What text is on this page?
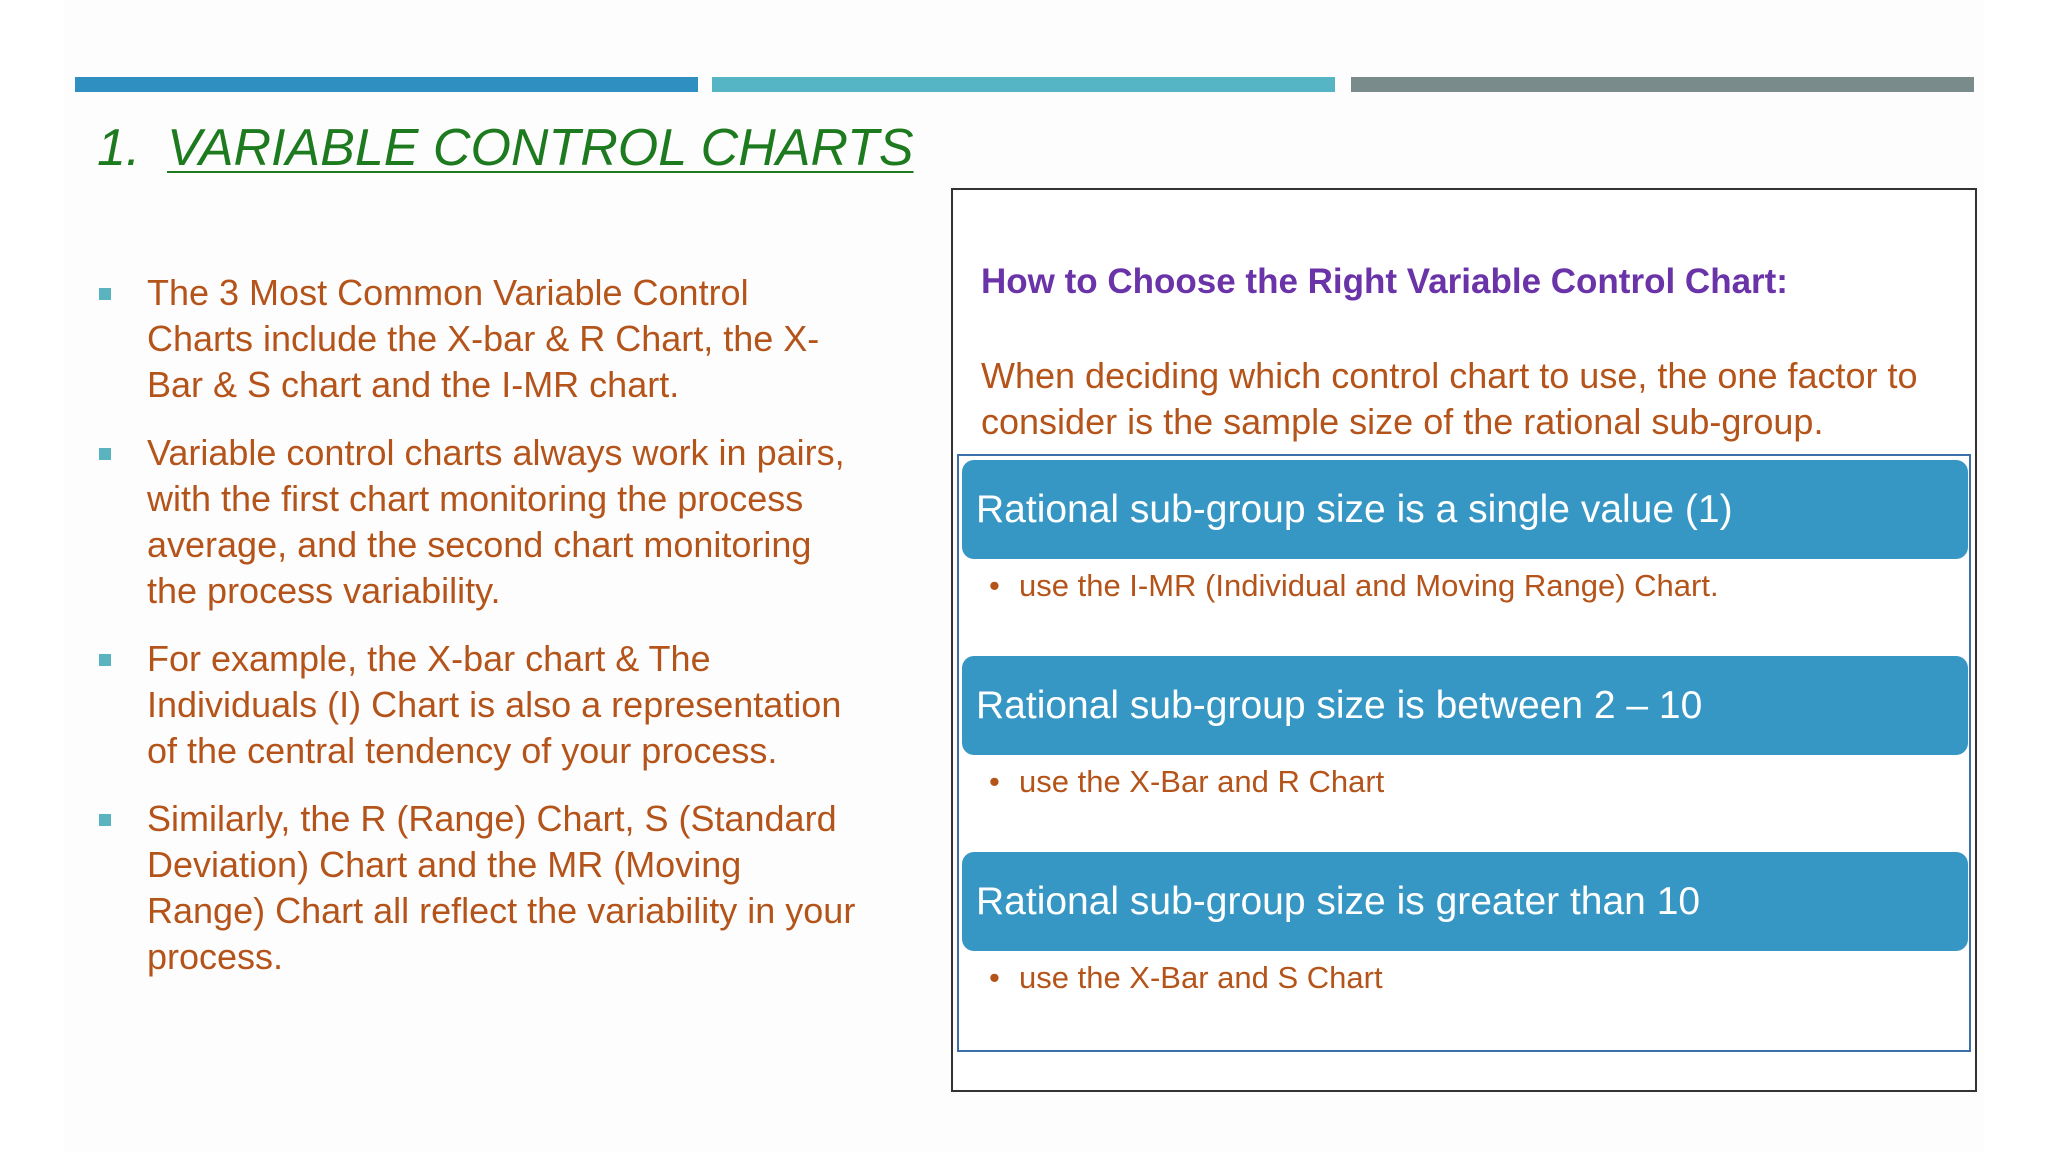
1. VARIABLE CONTROL CHARTS
The 3 Most Common Variable Control Charts include the X-bar & R Chart, the X-Bar & S chart and the I-MR chart.
Variable control charts always work in pairs, with the first chart monitoring the process average, and the second chart monitoring the process variability.
For example, the X-bar chart & The Individuals (I) Chart is also a representation of the central tendency of your process.
Similarly, the R (Range) Chart, S (Standard Deviation) Chart and the MR (Moving Range) Chart all reflect the variability in your process.
How to Choose the Right Variable Control Chart:
When deciding which control chart to use, the one factor to consider is the sample size of the rational sub-group.
Rational sub-group size is a single value (1)
• use the I-MR (Individual and Moving Range) Chart.
Rational sub-group size is between 2 – 10
• use the X-Bar and R Chart
Rational sub-group size is greater than 10
• use the X-Bar and S Chart
